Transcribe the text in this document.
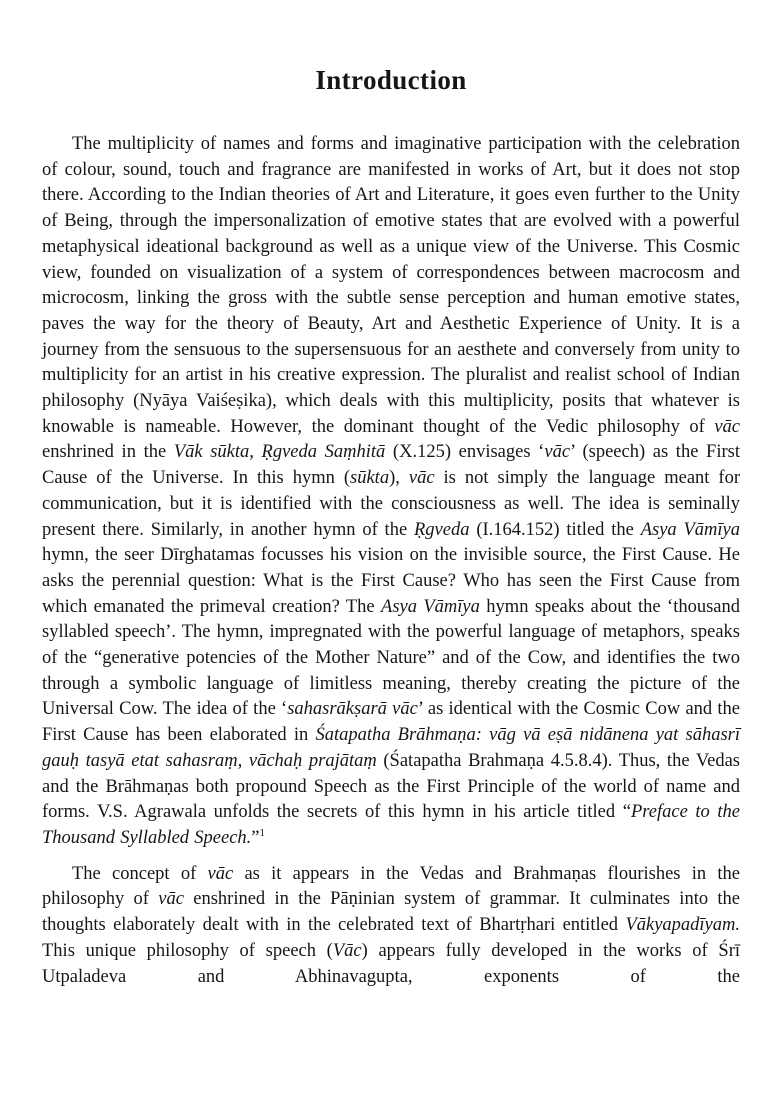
Introduction

The multiplicity of names and forms and imaginative participation with the celebration of colour, sound, touch and fragrance are manifested in works of Art, but it does not stop there. According to the Indian theories of Art and Literature, it goes even further to the Unity of Being, through the impersonalization of emotive states that are evolved with a powerful metaphysical ideational background as well as a unique view of the Universe. This Cosmic view, founded on visualization of a system of correspondences between macrocosm and microcosm, linking the gross with the subtle sense perception and human emotive states, paves the way for the theory of Beauty, Art and Aesthetic Experience of Unity. It is a journey from the sensuous to the supersensuous for an aesthete and conversely from unity to multiplicity for an artist in his creative expression. The pluralist and realist school of Indian philosophy (Nyāya Vaiśeṣika), which deals with this multiplicity, posits that whatever is knowable is nameable. However, the dominant thought of the Vedic philosophy of vāc enshrined in the Vāk sūkta, Ṛgveda Saṃhitā (X.125) envisages ‘vāc’ (speech) as the First Cause of the Universe. In this hymn (sūkta), vāc is not simply the language meant for communication, but it is identified with the consciousness as well. The idea is seminally present there. Similarly, in another hymn of the Ṛgveda (I.164.152) titled the Asya Vāmīya hymn, the seer Dīrghatamas focusses his vision on the invisible source, the First Cause. He asks the perennial question: What is the First Cause? Who has seen the First Cause from which emanated the primeval creation? The Asya Vāmīya hymn speaks about the ‘thousand syllabled speech’. The hymn, impregnated with the powerful language of metaphors, speaks of the “generative potencies of the Mother Nature” and of the Cow, and identifies the two through a symbolic language of limitless meaning, thereby creating the picture of the Universal Cow. The idea of the ‘sahasrākṣarā vāc’ as identical with the Cosmic Cow and the First Cause has been elaborated in Śatapatha Brāhmaṇa: vāg vā eṣā nidānena yat sāhasrī gauḥ tasyā etat sahasraṃ, vāchaḥ prajātaṃ (Śatapatha Brahmaṇa 4.5.8.4). Thus, the Vedas and the Brāhmaṇas both propound Speech as the First Principle of the world of name and forms. V.S. Agrawala unfolds the secrets of this hymn in his article titled “Preface to the Thousand Syllabled Speech.”$^1$

The concept of vāc as it appears in the Vedas and Brahmaṇas flourishes in the philosophy of vāc enshrined in the Pāṇinian system of grammar. It culminates into the thoughts elaborately dealt with in the celebrated text of Bhartṛhari entitled Vākyapadīyam. This unique philosophy of speech (Vāc) appears fully developed in the works of Śrī Utpaladeva and Abhinavagupta, exponents of the
